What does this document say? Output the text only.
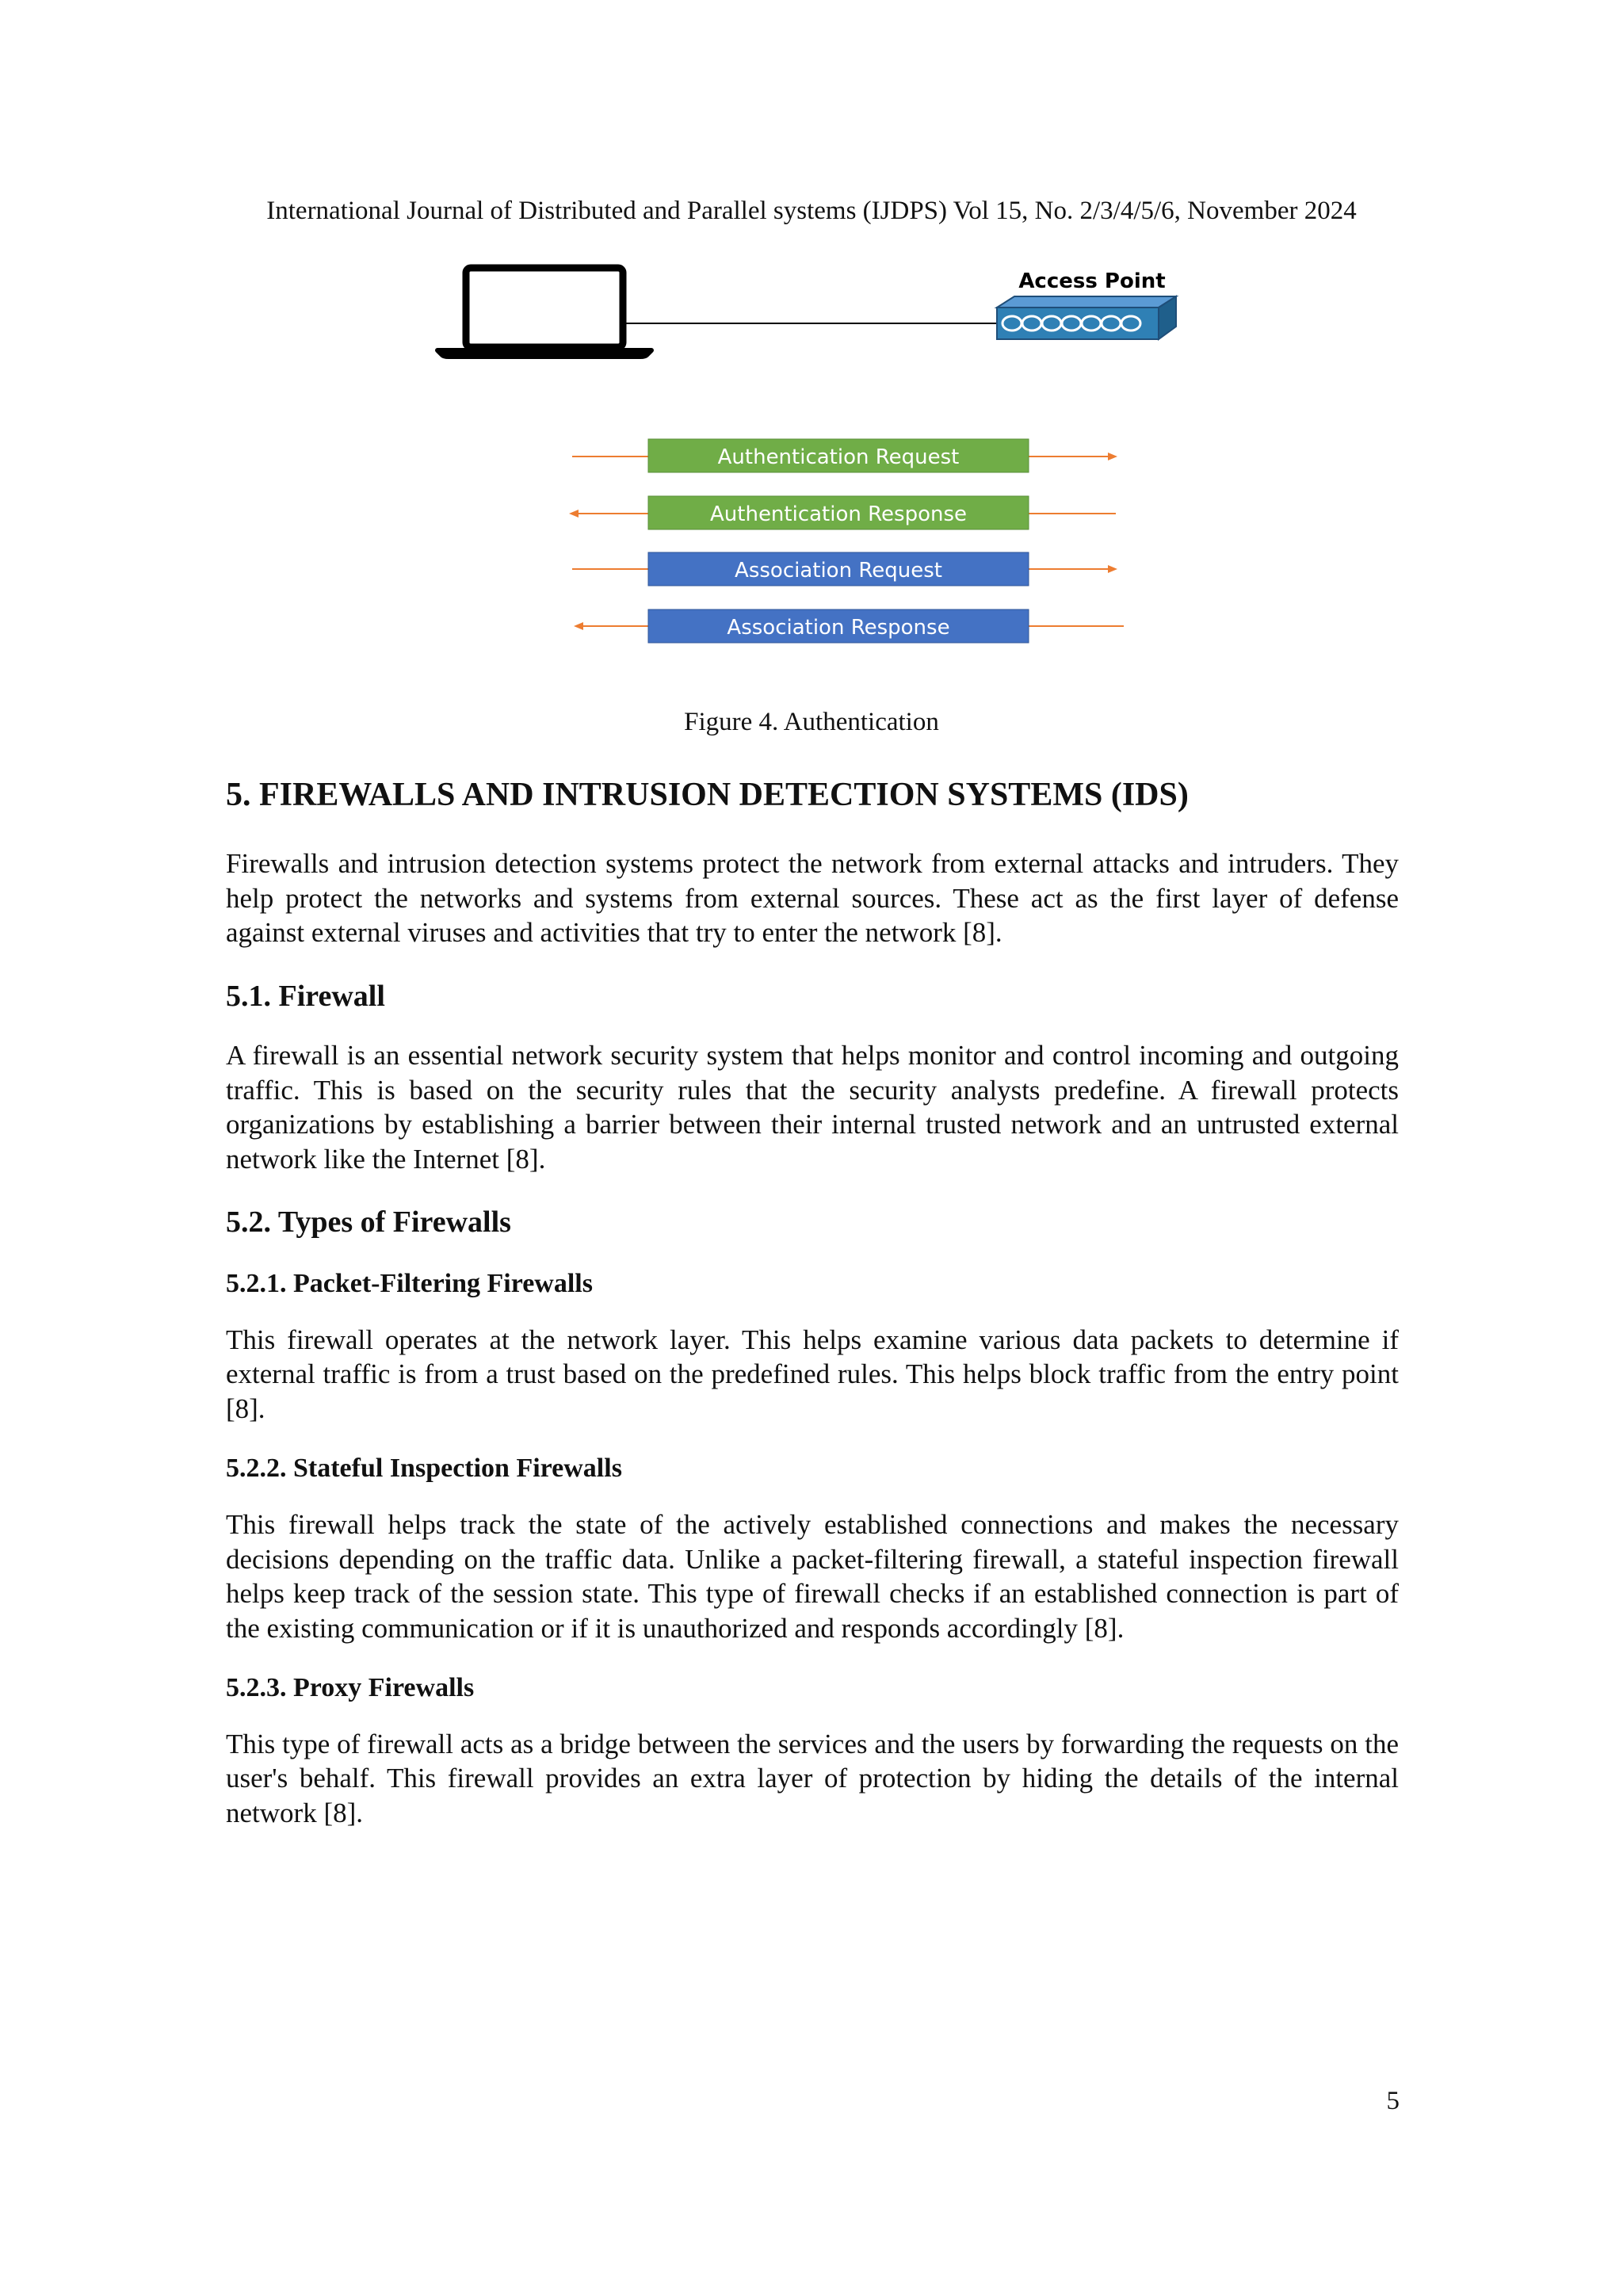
International Journal of Distributed and Parallel systems (IJDPS) Vol 15, No. 2/3/4/5/6, November 2024
Access Point
Authentication Request
Authentication Response
Association Request
Association Response
Figure 4. Authentication
5. FIREWALLS AND INTRUSION DETECTION SYSTEMS (IDS)

Firewalls and intrusion detection systems protect the network from external attacks and intruders. They help protect the networks and systems from external sources. These act as the first layer of defense against external viruses and activities that try to enter the network [8].

5.1. Firewall

A firewall is an essential network security system that helps monitor and control incoming and outgoing traffic. This is based on the security rules that the security analysts predefine. A firewall protects organizations by establishing a barrier between their internal trusted network and an untrusted external network like the Internet [8].

5.2. Types of Firewalls
5.2.1. Packet-Filtering Firewalls

This firewall operates at the network layer. This helps examine various data packets to determine if external traffic is from a trust based on the predefined rules. This helps block traffic from the entry point [8].

5.2.2. Stateful Inspection Firewalls

This firewall helps track the state of the actively established connections and makes the necessary decisions depending on the traffic data. Unlike a packet-filtering firewall, a stateful inspection firewall helps keep track of the session state. This type of firewall checks if an established connection is part of the existing communication or if it is unauthorized and responds accordingly [8].

5.2.3. Proxy Firewalls

This type of firewall acts as a bridge between the services and the users by forwarding the requests on the user's behalf. This firewall provides an extra layer of protection by hiding the details of the internal network [8].

5
